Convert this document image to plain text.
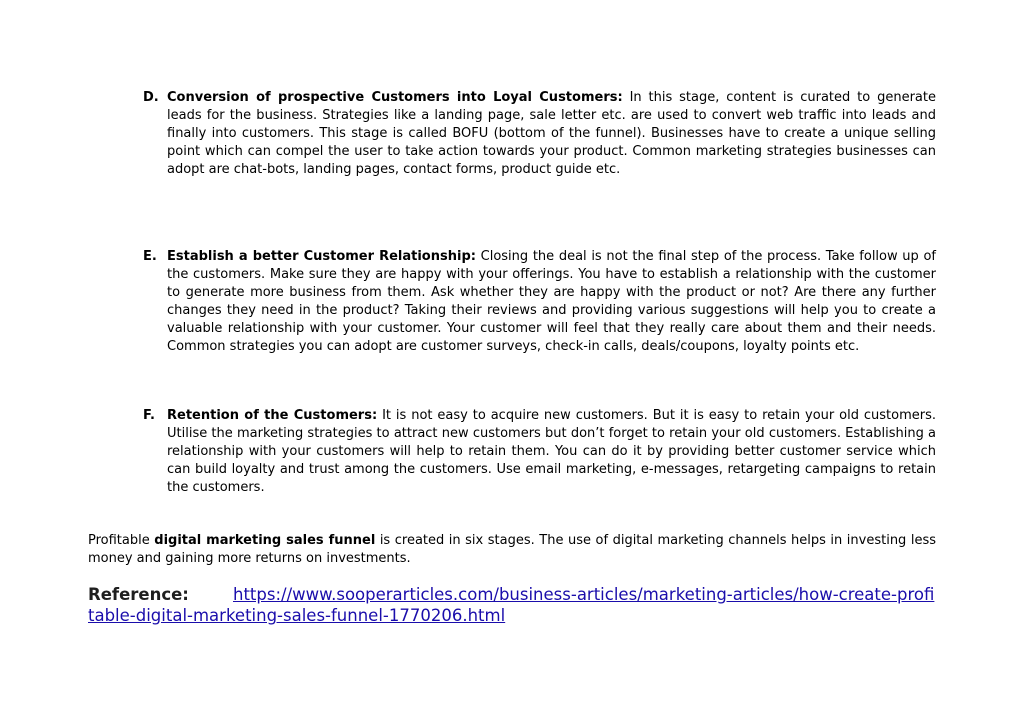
D. Conversion of prospective Customers into Loyal Customers: In this stage, content is curated to generate leads for the business. Strategies like a landing page, sale letter etc. are used to convert web traffic into leads and finally into customers. This stage is called BOFU (bottom of the funnel). Businesses have to create a unique selling point which can compel the user to take action towards your product. Common marketing strategies businesses can adopt are chat-bots, landing pages, contact forms, product guide etc.
E. Establish a better Customer Relationship: Closing the deal is not the final step of the process. Take follow up of the customers. Make sure they are happy with your offerings. You have to establish a relationship with the customer to generate more business from them. Ask whether they are happy with the product or not? Are there any further changes they need in the product? Taking their reviews and providing various suggestions will help you to create a valuable relationship with your customer. Your customer will feel that they really care about them and their needs. Common strategies you can adopt are customer surveys, check-in calls, deals/coupons, loyalty points etc.
F. Retention of the Customers: It is not easy to acquire new customers. But it is easy to retain your old customers. Utilise the marketing strategies to attract new customers but don’t forget to retain your old customers. Establishing a relationship with your customers will help to retain them. You can do it by providing better customer service which can build loyalty and trust among the customers. Use email marketing, e-messages, retargeting campaigns to retain the customers.
Profitable digital marketing sales funnel is created in six stages. The use of digital marketing channels helps in investing less money and gaining more returns on investments.
Reference:	https://www.sooperarticles.com/business-articles/marketing-articles/how-create-profitable-digital-marketing-sales-funnel-1770206.html
